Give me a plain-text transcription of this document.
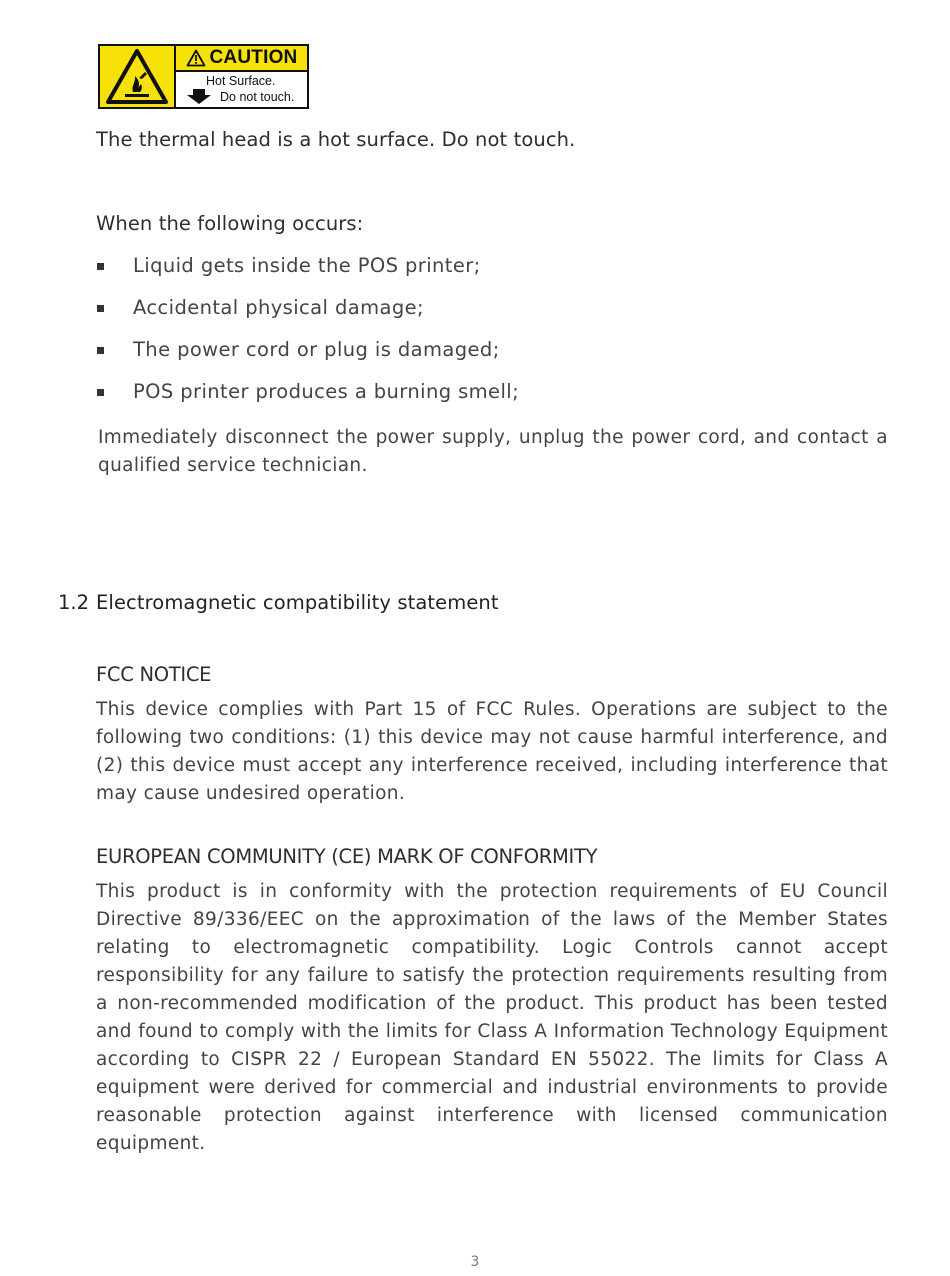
CAUTION
Hot Surface.
Do not touch.
The thermal head is a hot surface. Do not touch.
When the following occurs:
Liquid gets inside the POS printer;
Accidental physical damage;
The power cord or plug is damaged;
POS printer produces a burning smell;
Immediately disconnect the power supply, unplug the power cord, and contact a qualified service technician.
1.2 Electromagnetic compatibility statement
FCC NOTICE
This device complies with Part 15 of FCC Rules. Operations are subject to the following two conditions: (1) this device may not cause harmful interference, and (2) this device must accept any interference received, including interference that may cause undesired operation.
EUROPEAN COMMUNITY (CE) MARK OF CONFORMITY
This product is in conformity with the protection requirements of EU Council Directive 89/336/EEC on the approximation of the laws of the Member States relating to electromagnetic compatibility. Logic Controls cannot accept responsibility for any failure to satisfy the protection requirements resulting from a non-recommended modification of the product. This product has been tested and found to comply with the limits for Class A Information Technology Equipment according to CISPR 22 / European Standard EN 55022. The limits for Class A equipment were derived for commercial and industrial environments to provide reasonable protection against interference with licensed communication equipment.
3
